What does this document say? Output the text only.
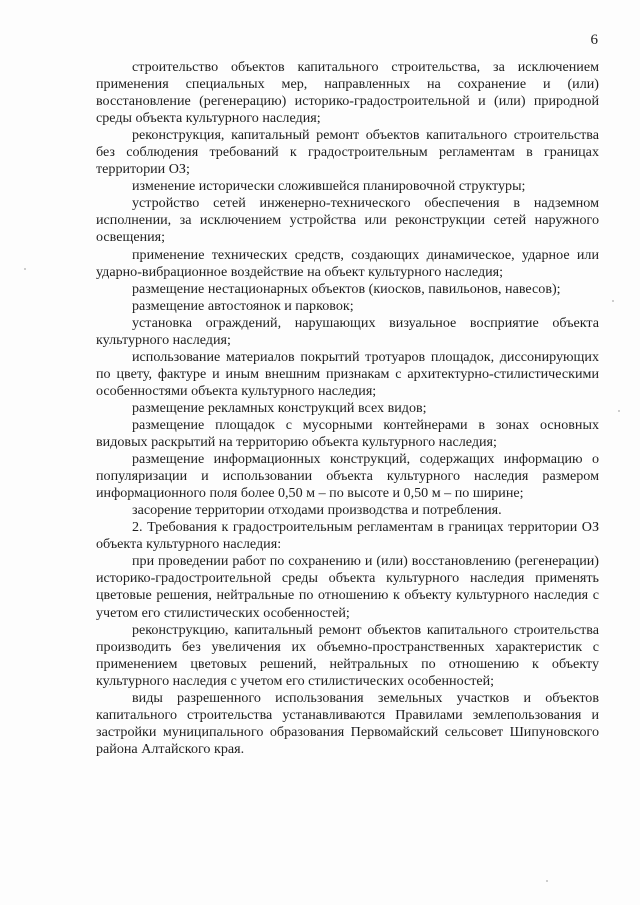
6

строительство объектов капитального строительства, за исключением применения специальных мер, направленных на сохранение и (или) восстановление (регенерацию) историко-градостроительной и (или) природной среды объекта культурного наследия;

реконструкция, капитальный ремонт объектов капитального строительства без соблюдения требований к градостроительным регламентам в границах территории ОЗ;

изменение исторически сложившейся планировочной структуры;

устройство сетей инженерно-технического обеспечения в надземном исполнении, за исключением устройства или реконструкции сетей наружного освещения;

применение технических средств, создающих динамическое, ударное или ударно-вибрационное воздействие на объект культурного наследия;

размещение нестационарных объектов (киосков, павильонов, навесов);

размещение автостоянок и парковок;

установка ограждений, нарушающих визуальное восприятие объекта культурного наследия;

использование материалов покрытий тротуаров площадок, диссонирующих по цвету, фактуре и иным внешним признакам с архитектурно-стилистическими особенностями объекта культурного наследия;

размещение рекламных конструкций всех видов;

размещение площадок с мусорными контейнерами в зонах основных видовых раскрытий на территорию объекта культурного наследия;

размещение информационных конструкций, содержащих информацию о популяризации и использовании объекта культурного наследия размером информационного поля более 0,50 м – по высоте и 0,50 м – по ширине;

засорение территории отходами производства и потребления.

2. Требования к градостроительным регламентам в границах территории ОЗ объекта культурного наследия:

при проведении работ по сохранению и (или) восстановлению (регенерации) историко-градостроительной среды объекта культурного наследия применять цветовые решения, нейтральные по отношению к объекту культурного наследия с учетом его стилистических особенностей;

реконструкцию, капитальный ремонт объектов капитального строительства производить без увеличения их объемно-пространственных характеристик с применением цветовых решений, нейтральных по отношению к объекту культурного наследия с учетом его стилистических особенностей;

виды разрешенного использования земельных участков и объектов капитального строительства устанавливаются Правилами землепользования и застройки муниципального образования Первомайский сельсовет Шипуновского района Алтайского края.
